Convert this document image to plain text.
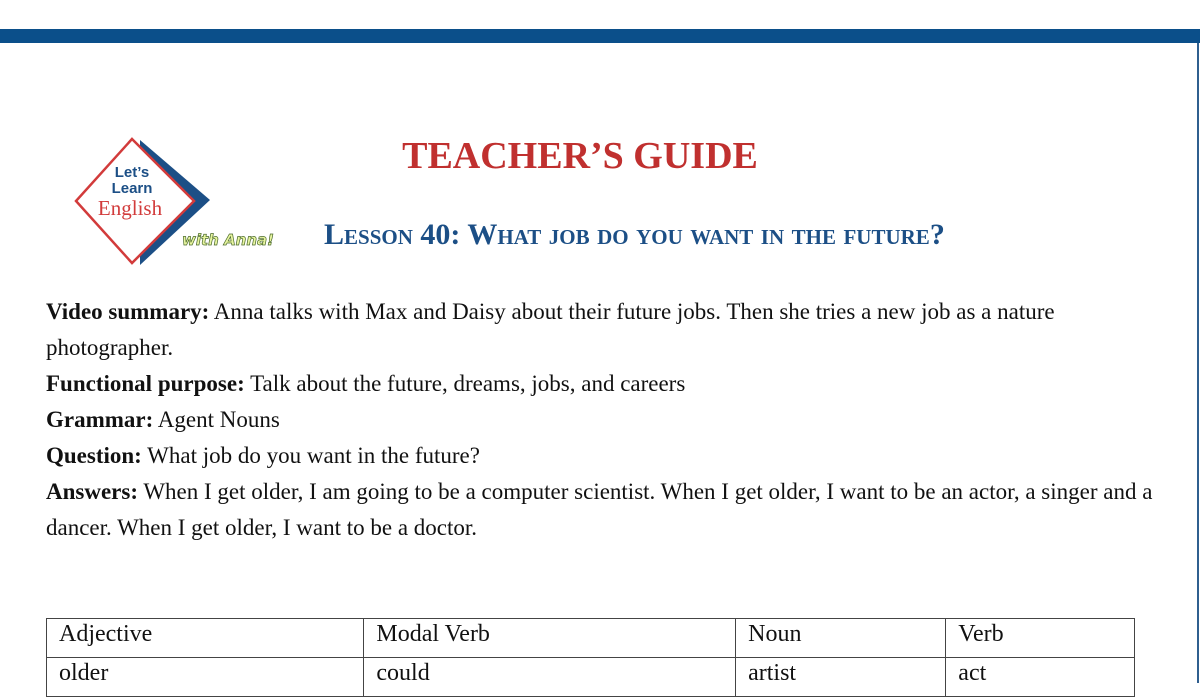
Let’s
Learn
English
with Anna!
TEACHER’S GUIDE
Lesson 40: What job do you want in the future?

Video summary: Anna talks with Max and Daisy about their future jobs. Then she tries a new job as a nature photographer.

Functional purpose: Talk about the future, dreams, jobs, and careers

Grammar: Agent Nouns

Question: What job do you want in the future?

Answers: When I get older, I am going to be a computer scientist. When I get older, I want to be an actor, a singer and a dancer. When I get older, I want to be a doctor.

Adjective	Modal Verb	Noun	Verb
older	could	artist	act
